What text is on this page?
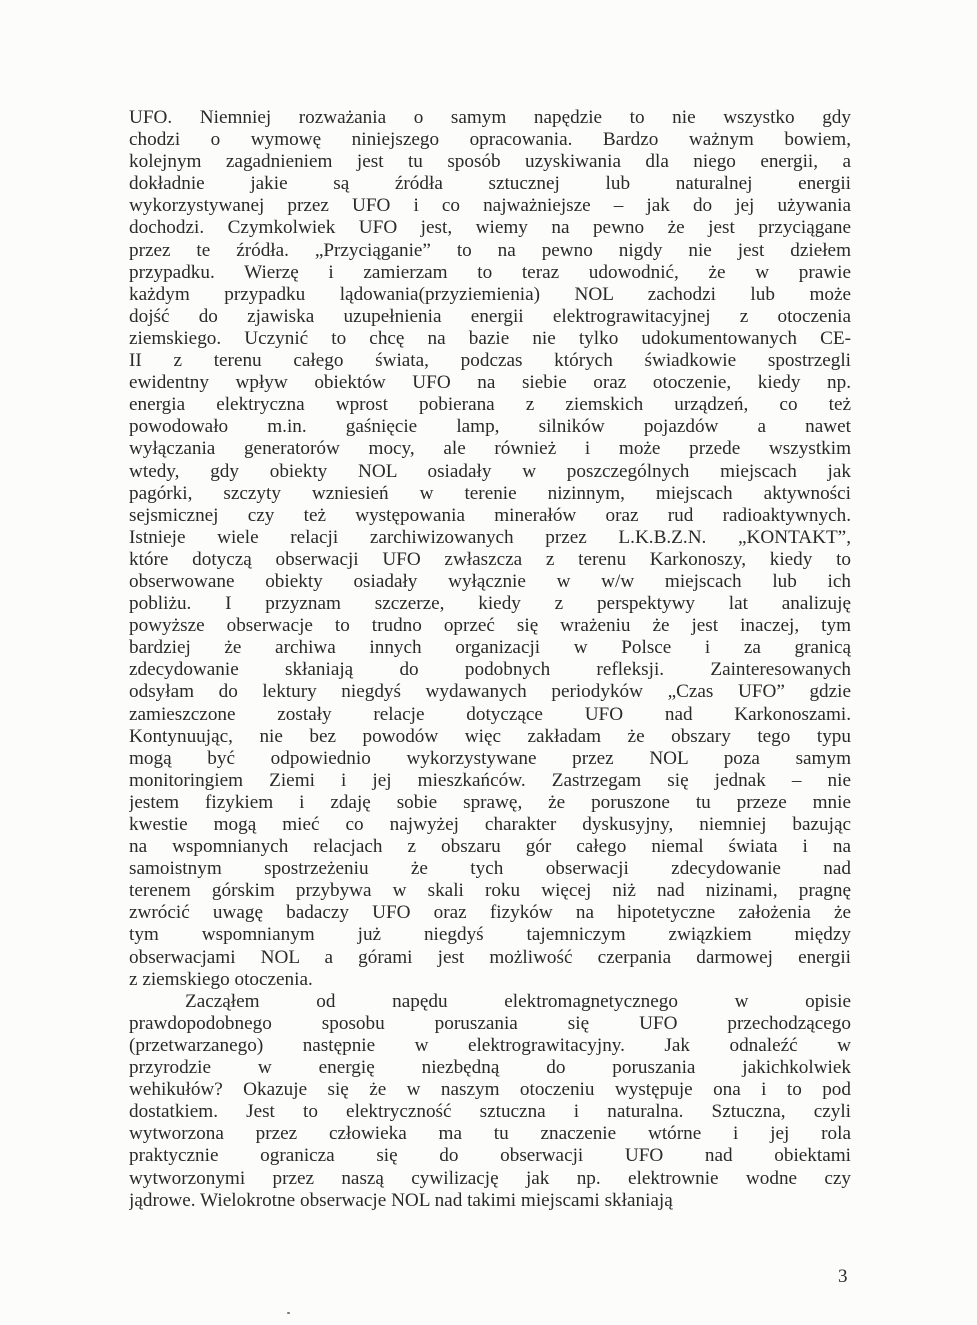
UFO. Niemniej rozważania o samym napędzie to nie wszystko gdy
chodzi o wymowę niniejszego opracowania. Bardzo ważnym bowiem,
kolejnym zagadnieniem jest tu sposób uzyskiwania dla niego energii, a
dokładnie jakie są źródła sztucznej lub naturalnej energii
wykorzystywanej przez UFO i co najważniejsze – jak do jej używania
dochodzi. Czymkolwiek UFO jest, wiemy na pewno że jest przyciągane
przez te źródła. „Przyciąganie” to na pewno nigdy nie jest dziełem
przypadku. Wierzę i zamierzam to teraz udowodnić, że w prawie
każdym przypadku lądowania(przyziemienia) NOL zachodzi lub może
dojść do zjawiska uzupełnienia energii elektrograwitacyjnej z otoczenia
ziemskiego. Uczynić to chcę na bazie nie tylko udokumentowanych CE-
II z terenu całego świata, podczas których świadkowie spostrzegli
ewidentny wpływ obiektów UFO na siebie oraz otoczenie, kiedy np.
energia elektryczna wprost pobierana z ziemskich urządzeń, co też
powodowało m.in. gaśnięcie lamp, silników pojazdów a nawet
wyłączania generatorów mocy, ale również i może przede wszystkim
wtedy, gdy obiekty NOL osiadały w poszczególnych miejscach jak
pagórki, szczyty wzniesień w terenie nizinnym, miejscach aktywności
sejsmicznej czy też występowania minerałów oraz rud radioaktywnych.
Istnieje wiele relacji zarchiwizowanych przez L.K.B.Z.N. „KONTAKT”,
które dotyczą obserwacji UFO zwłaszcza z terenu Karkonoszy, kiedy to
obserwowane obiekty osiadały wyłącznie w w/w miejscach lub ich
pobliżu. I przyznam szczerze, kiedy z perspektywy lat analizuję
powyższe obserwacje to trudno oprzeć się wrażeniu że jest inaczej, tym
bardziej że archiwa innych organizacji w Polsce i za granicą
zdecydowanie skłaniają do podobnych refleksji. Zainteresowanych
odsyłam do lektury niegdyś wydawanych periodyków „Czas UFO” gdzie
zamieszczone zostały relacje dotyczące UFO nad Karkonoszami.
Kontynuując, nie bez powodów więc zakładam że obszary tego typu
mogą być odpowiednio wykorzystywane przez NOL poza samym
monitoringiem Ziemi i jej mieszkańców. Zastrzegam się jednak – nie
jestem fizykiem i zdaję sobie sprawę, że poruszone tu przeze mnie
kwestie mogą mieć co najwyżej charakter dyskusyjny, niemniej bazując
na wspomnianych relacjach z obszaru gór całego niemal świata i na
samoistnym spostrzeżeniu że tych obserwacji zdecydowanie nad
terenem górskim przybywa w skali roku więcej niż nad nizinami, pragnę
zwrócić uwagę badaczy UFO oraz fizyków na hipotetyczne założenia że
tym wspomnianym już niegdyś tajemniczym związkiem między
obserwacjami NOL a górami jest możliwość czerpania darmowej energii
z ziemskiego otoczenia.
Zacząłem od napędu elektromagnetycznego w opisie
prawdopodobnego sposobu poruszania się UFO przechodzącego
(przetwarzanego) następnie w elektrograwitacyjny. Jak odnaleźć w
przyrodzie w energię niezbędną do poruszania jakichkolwiek
wehikułów? Okazuje się że w naszym otoczeniu występuje ona i to pod
dostatkiem. Jest to elektryczność sztuczna i naturalna. Sztuczna, czyli
wytworzona przez człowieka ma tu znaczenie wtórne i jej rola
praktycznie ogranicza się do obserwacji UFO nad obiektami
wytworzonymi przez naszą cywilizację jak np. elektrownie wodne czy
jądrowe. Wielokrotne obserwacje NOL nad takimi miejscami skłaniają
3
